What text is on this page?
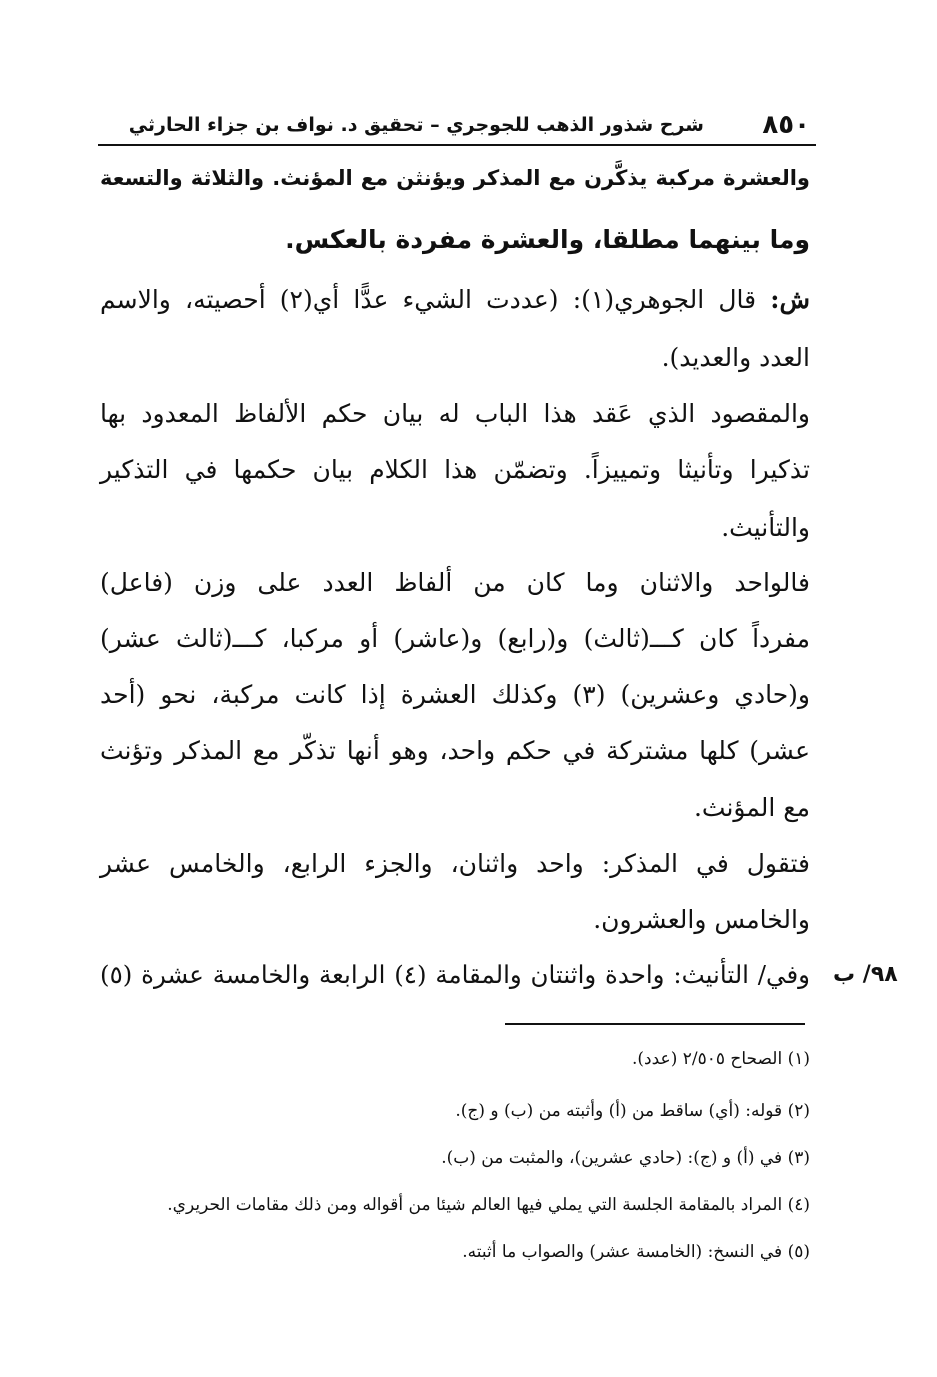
٨٥٠
شرح شذور الذهب للجوجري – تحقيق د. نواف بن جزاء الحارثي
والعشرة مركبة يذكَّرن مع المذكر ويؤنثن مع المؤنث. والثلاثة والتسعة
وما بينهما مطلقا، والعشرة مفردة بالعكس.
ش: قال الجوهري(١): (عددت الشيء عدًّا أي(٢) أحصيته، والاسم
العدد والعديد).
والمقصود الذي عَقد هذا الباب له بيان حكم الألفاظ المعدود بها
تذكيرا وتأنيثا وتمييزاً. وتضمّن هذا الكلام بيان حكمها في التذكير
والتأنيث.
فالواحد والاثنان وما كان من ألفاظ العدد على وزن (فاعل)
مفرداً كان كـــ(ثالث) و(رابع) و(عاشر) أو مركبا، كـــ(ثالث عشر)
و(حادي وعشرين) (٣) وكذلك العشرة إذا كانت مركبة، نحو (أحد
عشر) كلها مشتركة في حكم واحد، وهو أنها تذكّر مع المذكر وتؤنث
مع المؤنث.
فتقول في المذكر: واحد واثنان، والجزء الرابع، والخامس عشر
والخامس والعشرون.
وفي/ التأنيث: واحدة واثنتان والمقامة (٤) الرابعة والخامسة عشرة (٥) ٩٨/ ب
(١) الصحاح ٢/٥٠٥ (عدد).
(٢) قوله: (أي) ساقط من (أ) وأثبته من (ب) و (ج).
(٣) في (أ) و (ج): (حادي عشرين)، والمثبت من (ب).
(٤) المراد بالمقامة الجلسة التي يملي فيها العالم شيئا من أقواله ومن ذلك مقامات الحريري.
(٥) في النسخ: (الخامسة عشر) والصواب ما أثبته.
